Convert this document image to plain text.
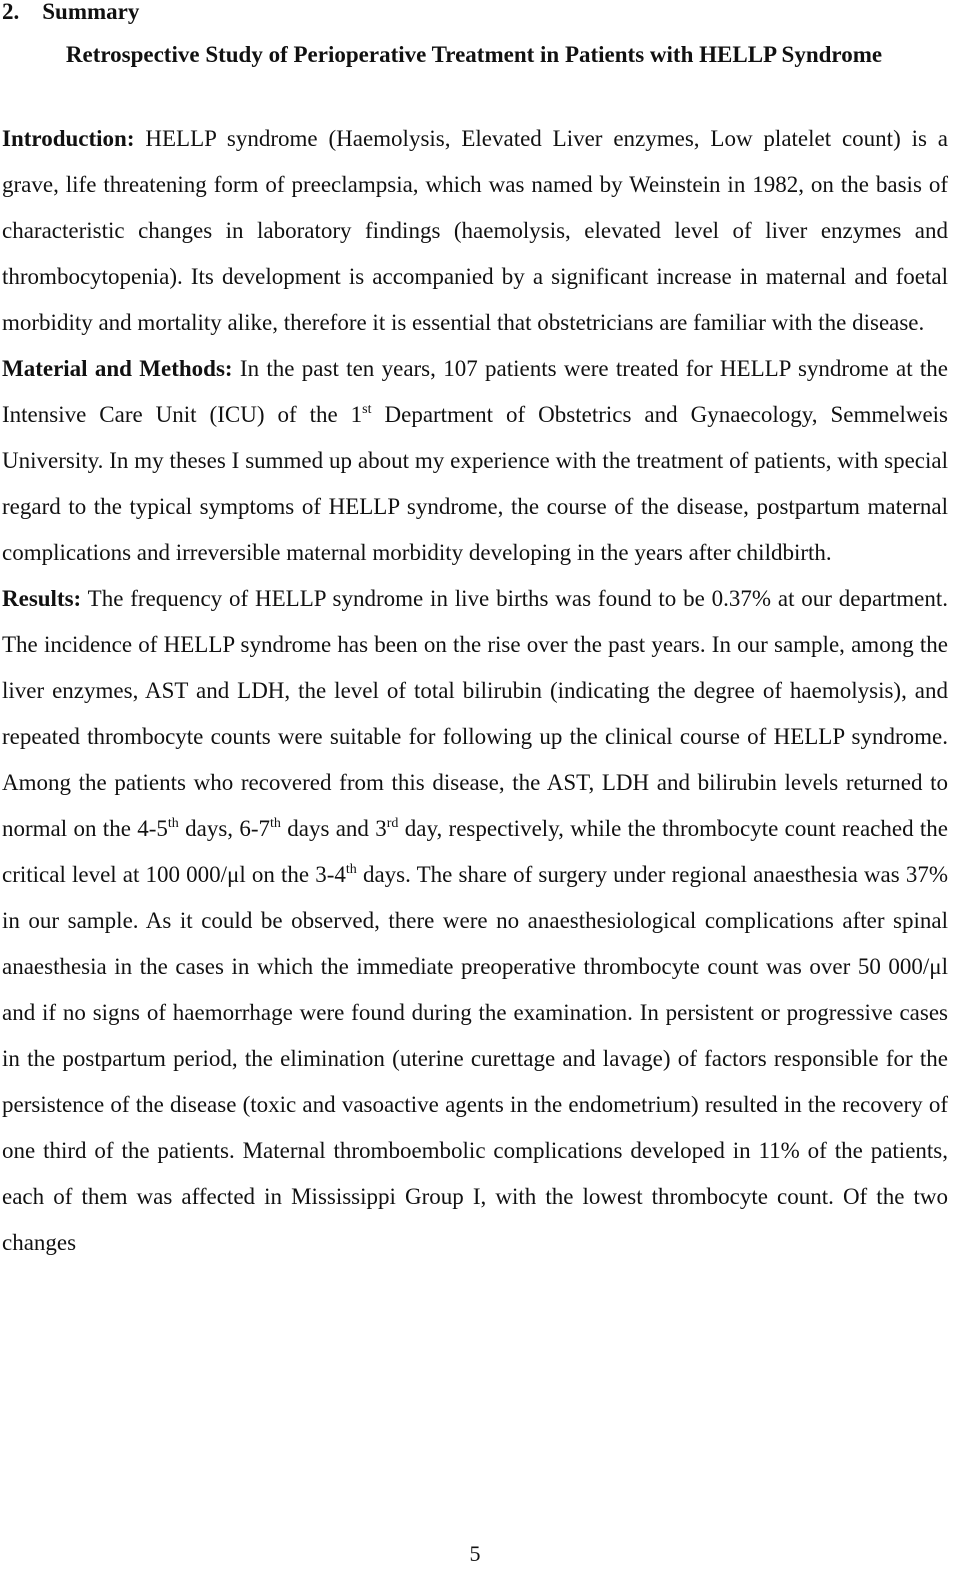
2. Summary
Retrospective Study of Perioperative Treatment in Patients with HELLP Syndrome

Introduction: HELLP syndrome (Haemolysis, Elevated Liver enzymes, Low platelet count) is a grave, life threatening form of preeclampsia, which was named by Weinstein in 1982, on the basis of characteristic changes in laboratory findings (haemolysis, elevated level of liver enzymes and thrombocytopenia). Its development is accompanied by a significant increase in maternal and foetal morbidity and mortality alike, therefore it is essential that obstetricians are familiar with the disease.

Material and Methods: In the past ten years, 107 patients were treated for HELLP syndrome at the Intensive Care Unit (ICU) of the 1st Department of Obstetrics and Gynaecology, Semmelweis University. In my theses I summed up about my experience with the treatment of patients, with special regard to the typical symptoms of HELLP syndrome, the course of the disease, postpartum maternal complications and irreversible maternal morbidity developing in the years after childbirth.

Results: The frequency of HELLP syndrome in live births was found to be 0.37% at our department. The incidence of HELLP syndrome has been on the rise over the past years. In our sample, among the liver enzymes, AST and LDH, the level of total bilirubin (indicating the degree of haemolysis), and repeated thrombocyte counts were suitable for following up the clinical course of HELLP syndrome. Among the patients who recovered from this disease, the AST, LDH and bilirubin levels returned to normal on the 4-5th days, 6-7th days and 3rd day, respectively, while the thrombocyte count reached the critical level at 100 000/μl on the 3-4th days. The share of surgery under regional anaesthesia was 37% in our sample. As it could be observed, there were no anaesthesiological complications after spinal anaesthesia in the cases in which the immediate preoperative thrombocyte count was over 50 000/μl and if no signs of haemorrhage were found during the examination. In persistent or progressive cases in the postpartum period, the elimination (uterine curettage and lavage) of factors responsible for the persistence of the disease (toxic and vasoactive agents in the endometrium) resulted in the recovery of one third of the patients. Maternal thromboembolic complications developed in 11% of the patients, each of them was affected in Mississippi Group I, with the lowest thrombocyte count. Of the two changes

5
